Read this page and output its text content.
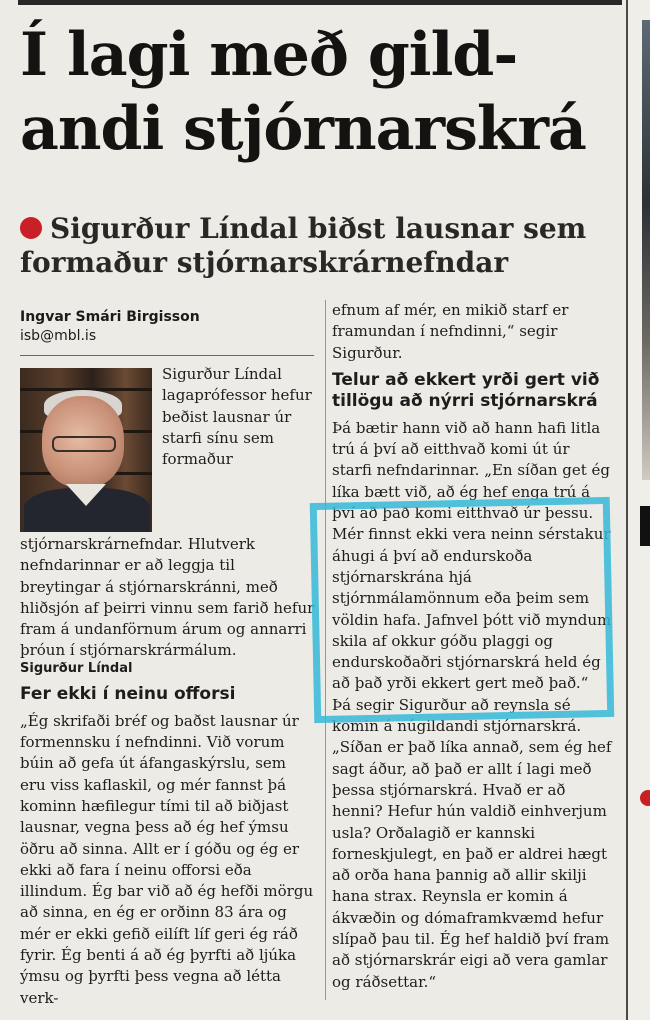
Í lagi með gild-andi stjórnarskrá
Sigurður Líndal biðst lausnar sem formaður stjórnarskrárnefndar
Ingvar Smári Birgisson
isb@mbl.is

Sigurður Líndal lagaprófessor hefur beðist lausnar úr starfi sínu sem formaður stjórnarskrárnefndar. Hlutverk nefndarinnar er að leggja til breytingar á stjórnarskránni, með hliðsjón af þeirri vinnu sem farið hefur fram á undanförnum árum og annarri þróun í stjórnarskrármálum.

Sigurður Líndal
Fer ekki í neinu offorsi

„Ég skrifaði bréf og baðst lausnar úr formennsku í nefndinni. Við vorum búin að gefa út áfangaskýrslu, sem eru viss kaflaskil, og mér fannst þá kominn hæfilegur tími til að biðjast lausnar, vegna þess að ég hef ýmsu öðru að sinna. Allt er í góðu og ég er ekki að fara í neinu offorsi eða illindum. Ég bar við að ég hefði mörgu að sinna, en ég er orðinn 83 ára og mér er ekki gefið eilíft líf geri ég ráð fyrir. Ég benti á að ég þyrfti að ljúka ýmsu og þyrfti þess vegna að létta verk-

efnum af mér, en mikið starf er framundan í nefndinni,“ segir Sigurður.

Telur að ekkert yrði gert við tillögu að nýrri stjórnarskrá

Þá bætir hann við að hann hafi litla trú á því að eitthvað komi út úr starfi nefndarinnar. „En síðan get ég líka bætt við, að ég hef enga trú á því að það komi eitthvað úr þessu. Mér finnst ekki vera neinn sérstakur áhugi á því að endurskoða stjórnarskrána hjá stjórnmálamönnum eða þeim sem völdin hafa. Jafnvel þótt við myndum skila af okkur góðu plaggi og endurskoðaðri stjórnarskrá held ég að það yrði ekkert gert með það.“

Þá segir Sigurður að reynsla sé komin á núgildandi stjórnarskrá. „Síðan er það líka annað, sem ég hef sagt áður, að það er allt í lagi með þessa stjórnarskrá. Hvað er að henni? Hefur hún valdið einhverjum usla? Orðalagið er kannski forneskjulegt, en það er aldrei hægt að orða hana þannig að allir skilji hana strax. Reynsla er komin á ákvæðin og dómaframkvæmd hefur slípað þau til. Ég hef haldið því fram að stjórnarskrár eigi að vera gamlar og ráðsettar.“
